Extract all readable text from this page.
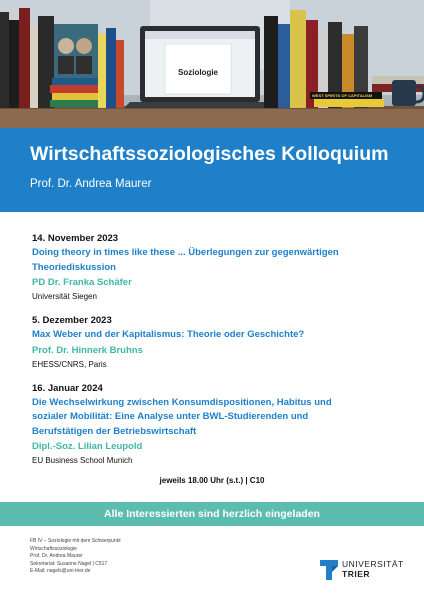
Soziologie
WEST SPIRITS OF CAPITALISM
Wirtschaftssoziologisches Kolloquium
Prof. Dr. Andrea Maurer
14. November 2023
Doing theory in times like these ... Überlegungen zur gegenwärtigen
Theoriediskussion
PD Dr. Franka Schäfer
Universität Siegen
5. Dezember 2023
Max Weber und der Kapitalismus: Theorie oder Geschichte?
Prof. Dr. Hinnerk Bruhns
EHESS/CNRS, Paris
16. Januar 2024
Die Wechselwirkung zwischen Konsumdispositionen, Habitus und
sozialer Mobilität: Eine Analyse unter BWL-Studierenden und
Berufstätigen der Betriebswirtschaft
Dipl.-Soz. Lilian Leupold
EU Business School Munich
jeweils 18.00 Uhr (s.t.) | C10
Alle Interessierten sind herzlich eingeladen
FB IV – Soziologie mit dem Schwerpunkt
Wirtschaftssoziologie
Prof. Dr. Andrea Maurer
Sekretariat: Susanne Nagel | C517
E-Mail: nagels@uni-trier.de
UNIVERSITÄT
TRIER
